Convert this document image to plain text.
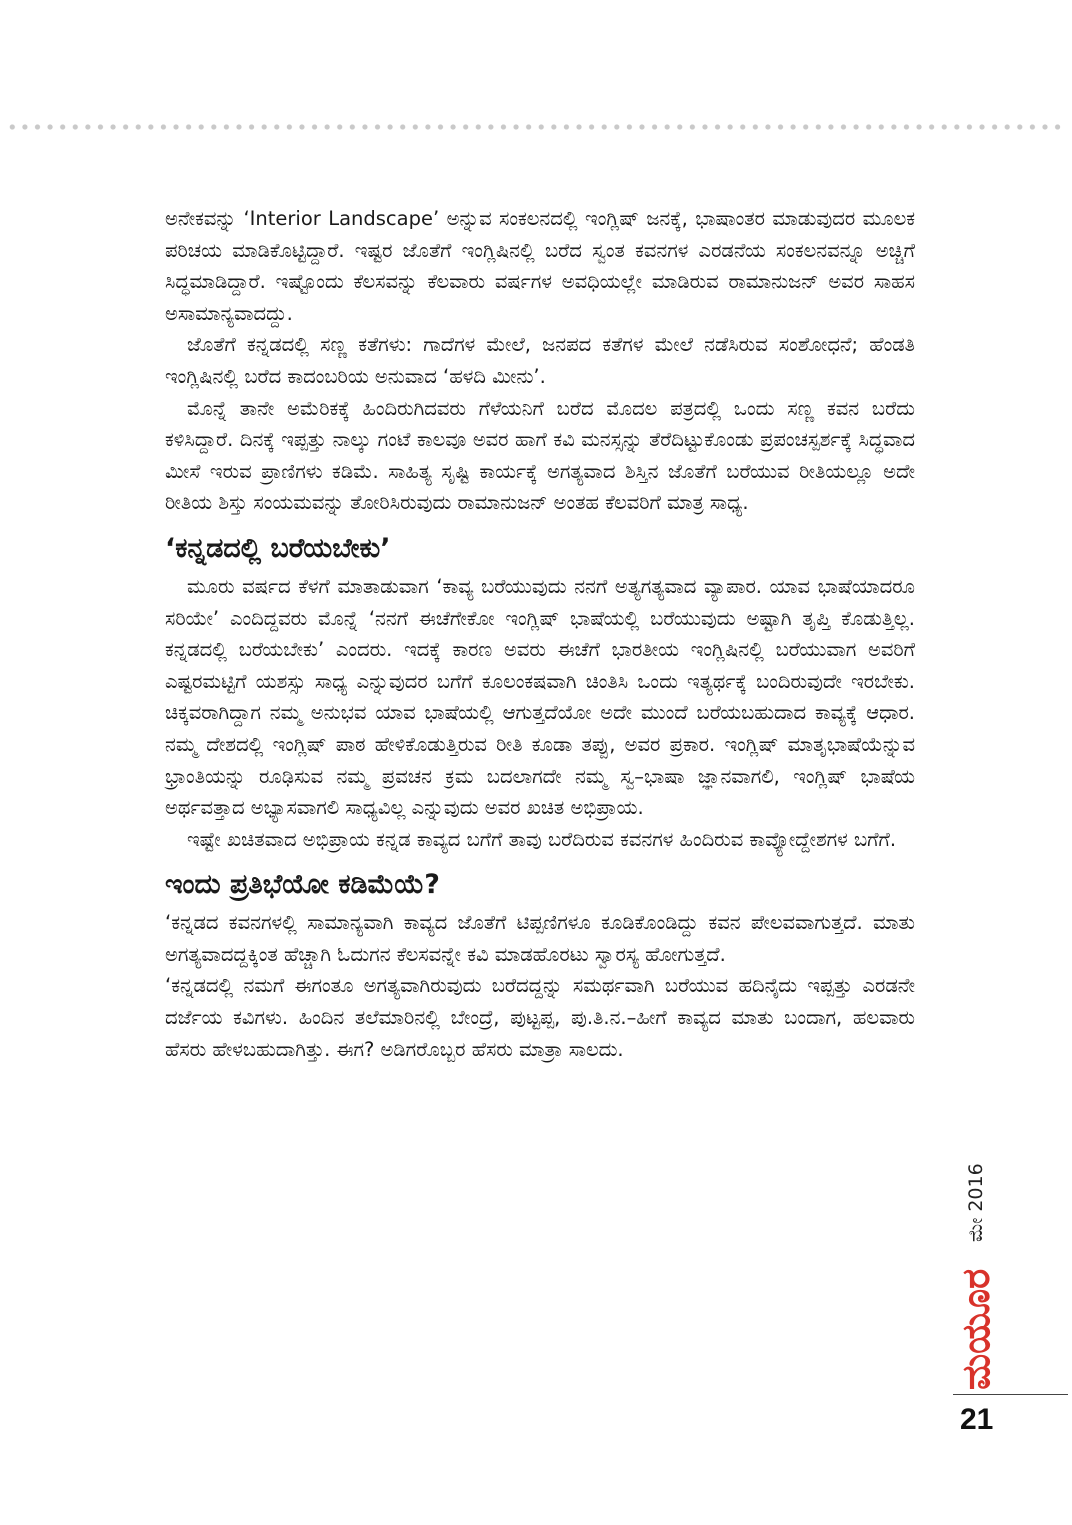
ಅನೇಕವನ್ನು ‘Interior Landscape’ ಅನ್ನುವ ಸಂಕಲನದಲ್ಲಿ ಇಂಗ್ಲಿಷ್ ಜನಕ್ಕೆ, ಭಾಷಾಂತರ ಮಾಡುವುದರ ಮೂಲಕ ಪರಿಚಯ ಮಾಡಿಕೊಟ್ಟಿದ್ದಾರೆ. ಇಷ್ಟರ ಜೊತೆಗೆ ಇಂಗ್ಲಿಷಿನಲ್ಲಿ ಬರೆದ ಸ್ವಂತ ಕವನಗಳ ಎರಡನೆಯ ಸಂಕಲನವನ್ನೂ ಅಚ್ಚಿಗೆ ಸಿದ್ಧಮಾಡಿದ್ದಾರೆ. ಇಷ್ಟೊಂದು ಕೆಲಸವನ್ನು ಕೆಲವಾರು ವರ್ಷಗಳ ಅವಧಿಯಲ್ಲೇ ಮಾಡಿರುವ ರಾಮಾನುಜನ್ ಅವರ ಸಾಹಸ ಅಸಾಮಾನ್ಯವಾದದ್ದು.

ಜೊತೆಗೆ ಕನ್ನಡದಲ್ಲಿ ಸಣ್ಣ ಕತೆಗಳು: ಗಾದೆಗಳ ಮೇಲೆ, ಜನಪದ ಕತೆಗಳ ಮೇಲೆ ನಡೆಸಿರುವ ಸಂಶೋಧನೆ; ಹೆಂಡತಿ ಇಂಗ್ಲಿಷಿನಲ್ಲಿ ಬರೆದ ಕಾದಂಬರಿಯ ಅನುವಾದ ‘ಹಳದಿ ಮೀನು’.

ಮೊನ್ನೆ ತಾನೇ ಅಮೆರಿಕಕ್ಕೆ ಹಿಂದಿರುಗಿದವರು ಗೆಳೆಯನಿಗೆ ಬರೆದ ಮೊದಲ ಪತ್ರದಲ್ಲಿ ಒಂದು ಸಣ್ಣ ಕವನ ಬರೆದು ಕಳಿಸಿದ್ದಾರೆ. ದಿನಕ್ಕೆ ಇಪ್ಪತ್ತು ನಾಲ್ಕು ಗಂಟೆ ಕಾಲವೂ ಅವರ ಹಾಗೆ ಕವಿ ಮನಸ್ಸನ್ನು ತೆರೆದಿಟ್ಟುಕೊಂಡು ಪ್ರಪಂಚಸ್ಪರ್ಶಕ್ಕೆ ಸಿದ್ಧವಾದ ಮೀಸೆ ಇರುವ ಪ್ರಾಣಿಗಳು ಕಡಿಮೆ. ಸಾಹಿತ್ಯ ಸೃಷ್ಟಿ ಕಾರ್ಯಕ್ಕೆ ಅಗತ್ಯವಾದ ಶಿಸ್ತಿನ ಜೊತೆಗೆ ಬರೆಯುವ ರೀತಿಯಲ್ಲೂ ಅದೇ ರೀತಿಯ ಶಿಸ್ತು ಸಂಯಮವನ್ನು ತೋರಿಸಿರುವುದು ರಾಮಾನುಜನ್ ಅಂತಹ ಕೆಲವರಿಗೆ ಮಾತ್ರ ಸಾಧ್ಯ.

‘ಕನ್ನಡದಲ್ಲಿ ಬರೆಯಬೇಕು’

ಮೂರು ವರ್ಷದ ಕೆಳಗೆ ಮಾತಾಡುವಾಗ ‘ಕಾವ್ಯ ಬರೆಯುವುದು ನನಗೆ ಅತ್ಯಗತ್ಯವಾದ ವ್ಯಾಪಾರ. ಯಾವ ಭಾಷೆಯಾದರೂ ಸರಿಯೇ’ ಎಂದಿದ್ದವರು ಮೊನ್ನೆ ‘ನನಗೆ ಈಚೆಗೇಕೋ ಇಂಗ್ಲಿಷ್ ಭಾಷೆಯಲ್ಲಿ ಬರೆಯುವುದು ಅಷ್ಟಾಗಿ ತೃಪ್ತಿ ಕೊಡುತ್ತಿಲ್ಲ. ಕನ್ನಡದಲ್ಲಿ ಬರೆಯಬೇಕು’ ಎಂದರು. ಇದಕ್ಕೆ ಕಾರಣ ಅವರು ಈಚೆಗೆ ಭಾರತೀಯ ಇಂಗ್ಲಿಷಿನಲ್ಲಿ ಬರೆಯುವಾಗ ಅವರಿಗೆ ಎಷ್ಟರಮಟ್ಟಿಗೆ ಯಶಸ್ಸು ಸಾಧ್ಯ ಎನ್ನುವುದರ ಬಗೆಗೆ ಕೂಲಂಕಷವಾಗಿ ಚಿಂತಿಸಿ ಒಂದು ಇತ್ಯರ್ಥಕ್ಕೆ ಬಂದಿರುವುದೇ ಇರಬೇಕು. ಚಿಕ್ಕವರಾಗಿದ್ದಾಗ ನಮ್ಮ ಅನುಭವ ಯಾವ ಭಾಷೆಯಲ್ಲಿ ಆಗುತ್ತದೆಯೋ ಅದೇ ಮುಂದೆ ಬರೆಯಬಹುದಾದ ಕಾವ್ಯಕ್ಕೆ ಆಧಾರ. ನಮ್ಮ ದೇಶದಲ್ಲಿ ಇಂಗ್ಲಿಷ್ ಪಾಠ ಹೇಳಿಕೊಡುತ್ತಿರುವ ರೀತಿ ಕೂಡಾ ತಪ್ಪು, ಅವರ ಪ್ರಕಾರ. ಇಂಗ್ಲಿಷ್ ಮಾತೃಭಾಷೆಯೆನ್ನುವ ಭ್ರಾಂತಿಯನ್ನು ರೂಢಿಸುವ ನಮ್ಮ ಪ್ರವಚನ ಕ್ರಮ ಬದಲಾಗದೇ ನಮ್ಮ ಸ್ವ–ಭಾಷಾ ಜ್ಞಾನವಾಗಲಿ, ಇಂಗ್ಲಿಷ್ ಭಾಷೆಯ ಅರ್ಥವತ್ತಾದ ಅಭ್ಯಾಸವಾಗಲಿ ಸಾಧ್ಯವಿಲ್ಲ ಎನ್ನುವುದು ಅವರ ಖಚಿತ ಅಭಿಪ್ರಾಯ.

ಇಷ್ಟೇ ಖಚಿತವಾದ ಅಭಿಪ್ರಾಯ ಕನ್ನಡ ಕಾವ್ಯದ ಬಗೆಗೆ ತಾವು ಬರೆದಿರುವ ಕವನಗಳ ಹಿಂದಿರುವ ಕಾವ್ಯೋದ್ದೇಶಗಳ ಬಗೆಗೆ.

ಇಂದು ಪ್ರತಿಭೆಯೋ ಕಡಿಮೆಯೆ?

‘ಕನ್ನಡದ ಕವನಗಳಲ್ಲಿ ಸಾಮಾನ್ಯವಾಗಿ ಕಾವ್ಯದ ಜೊತೆಗೆ ಟಿಪ್ಪಣಿಗಳೂ ಕೂಡಿಕೊಂಡಿದ್ದು ಕವನ ಪೇಲವವಾಗುತ್ತದೆ. ಮಾತು ಅಗತ್ಯವಾದದ್ದಕ್ಕಿಂತ ಹೆಚ್ಚಾಗಿ ಓದುಗನ ಕೆಲಸವನ್ನೇ ಕವಿ ಮಾಡಹೊರಟು ಸ್ವಾರಸ್ಯ ಹೋಗುತ್ತದೆ.

‘ಕನ್ನಡದಲ್ಲಿ ನಮಗೆ ಈಗಂತೂ ಅಗತ್ಯವಾಗಿರುವುದು ಬರೆದದ್ದನ್ನು ಸಮರ್ಥವಾಗಿ ಬರೆಯುವ ಹದಿನೈದು ಇಪ್ಪತ್ತು ಎರಡನೇ ದರ್ಜೆಯ ಕವಿಗಳು. ಹಿಂದಿನ ತಲೆಮಾರಿನಲ್ಲಿ ಬೇಂದ್ರೆ, ಪುಟ್ಟಪ್ಪ, ಪು.ತಿ.ನ.–ಹೀಗೆ ಕಾವ್ಯದ ಮಾತು ಬಂದಾಗ, ಹಲವಾರು ಹೆಸರು ಹೇಳಬಹುದಾಗಿತ್ತು. ಈಗ? ಅಡಿಗರೊಬ್ಬರ ಹೆಸರು ಮಾತ್ರಾ ಸಾಲದು.

ಮೇ 2016
ಮಯೂರ
21
